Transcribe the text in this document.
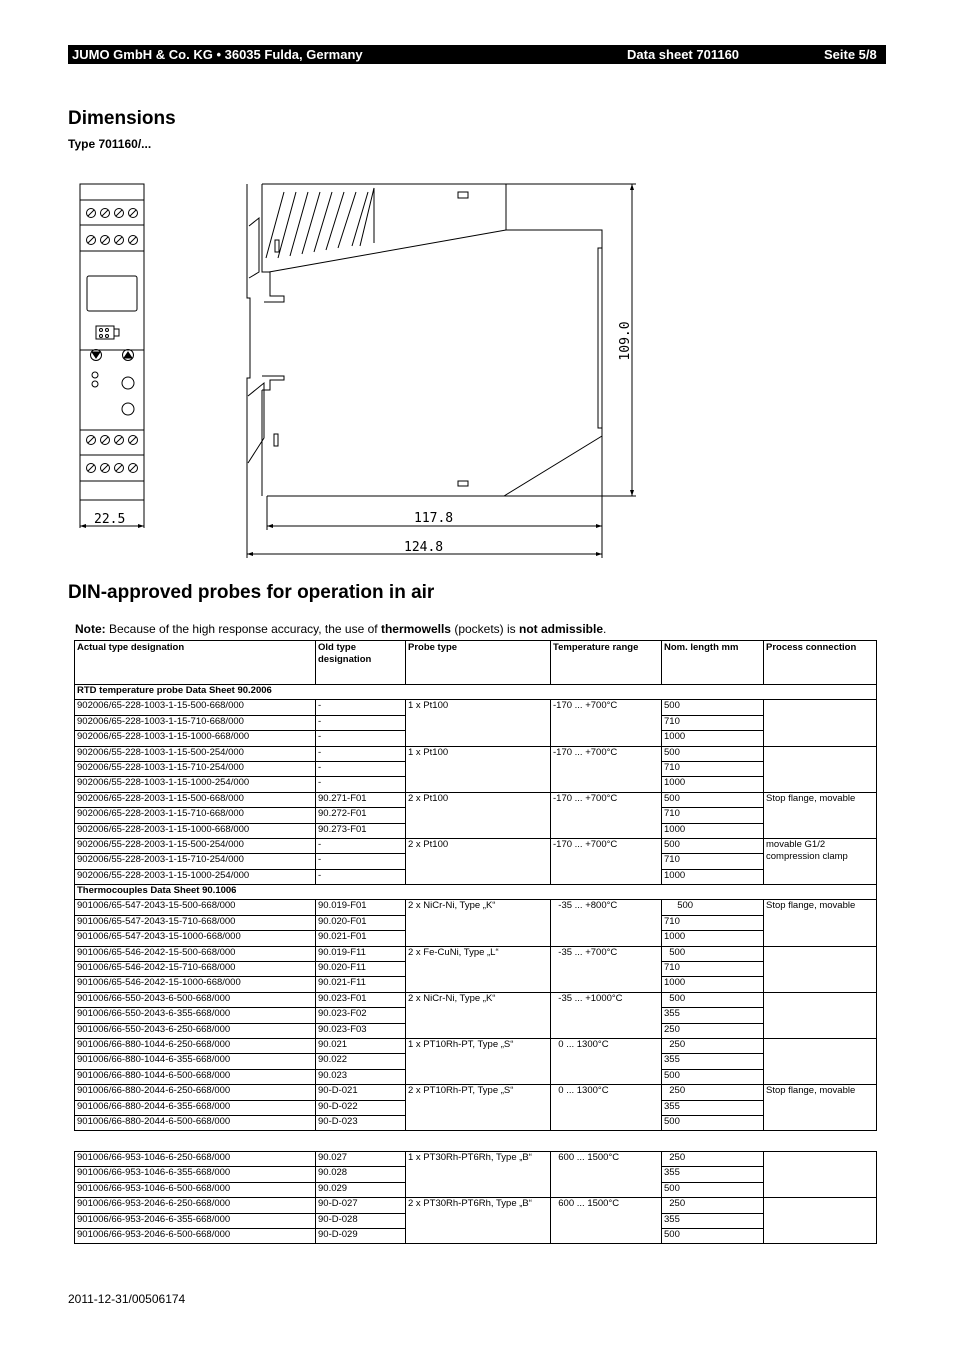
JUMO GmbH & Co. KG • 36035 Fulda, Germany	Data sheet 701160	Seite 5/8
Dimensions
Type 701160/...
22.5
109.0
117.8
124.8
DIN-approved probes for operation in air
Note: Because of the high response accuracy, the use of thermowells (pockets) is not admissible.
Actual type designation	Old type designation	Probe type	Temperature range	Nom. length mm	Process connection
RTD temperature probe Data Sheet 90.2006					
902006/65-228-1003-1-15-500-668/000	-	1 x Pt100	-170 ... +700°C	500	
902006/65-228-1003-1-15-710-668/000	-			710	
902006/65-228-1003-1-15-1000-668/000	-			1000	
902006/55-228-1003-1-15-500-254/000	-	1 x Pt100	-170 ... +700°C	500	
902006/55-228-1003-1-15-710-254/000	-			710	
902006/55-228-1003-1-15-1000-254/000	-			1000	
902006/65-228-2003-1-15-500-668/000	90.271-F01	2 x Pt100	-170 ... +700°C	500	Stop flange, movable
902006/65-228-2003-1-15-710-668/000	90.272-F01			710	
902006/65-228-2003-1-15-1000-668/000	90.273-F01			1000	
902006/55-228-2003-1-15-500-254/000	-	2 x Pt100	-170 ... +700°C	500	movable G1/2 compression clamp
902006/55-228-2003-1-15-710-254/000	-			710	
902006/55-228-2003-1-15-1000-254/000	-			1000	
Thermocouples Data Sheet 90.1006					
901006/65-547-2043-15-500-668/000	90.019-F01	2 x NiCr-Ni, Type „K“	-35 ... +800°C	500	Stop flange, movable
901006/65-547-2043-15-710-668/000	90.020-F01			710	
901006/65-547-2043-15-1000-668/000	90.021-F01			1000	
901006/65-546-2042-15-500-668/000	90.019-F11	2 x Fe-CuNi, Type „L“	-35 ... +700°C	500	
901006/65-546-2042-15-710-668/000	90.020-F11			710	
901006/65-546-2042-15-1000-668/000	90.021-F11			1000	
901006/66-550-2043-6-500-668/000	90.023-F01	2 x NiCr-Ni, Type „K“	-35 ... +1000°C	500	
901006/66-550-2043-6-355-668/000	90.023-F02			355	
901006/66-550-2043-6-250-668/000	90.023-F03			250	
901006/66-880-1044-6-250-668/000	90.021	1 x PT10Rh-PT, Type „S“	0 ... 1300°C	250	
901006/66-880-1044-6-355-668/000	90.022			355	
901006/66-880-1044-6-500-668/000	90.023			500	
901006/66-880-2044-6-250-668/000	90-D-021	2 x PT10Rh-PT, Type „S“	0 ... 1300°C	250	Stop flange, movable
901006/66-880-2044-6-355-668/000	90-D-022			355	
901006/66-880-2044-6-500-668/000	90-D-023			500	
901006/66-953-1046-6-250-668/000	90.027	1 x PT30Rh-PT6Rh, Type „B“	600 ... 1500°C	250	
901006/66-953-1046-6-355-668/000	90.028			355	
901006/66-953-1046-6-500-668/000	90.029			500	
901006/66-953-2046-6-250-668/000	90-D-027	2 x PT30Rh-PT6Rh, Type „B“	600 ... 1500°C	250	
901006/66-953-2046-6-355-668/000	90-D-028			355	
901006/66-953-2046-6-500-668/000	90-D-029			500	
2011-12-31/00506174
